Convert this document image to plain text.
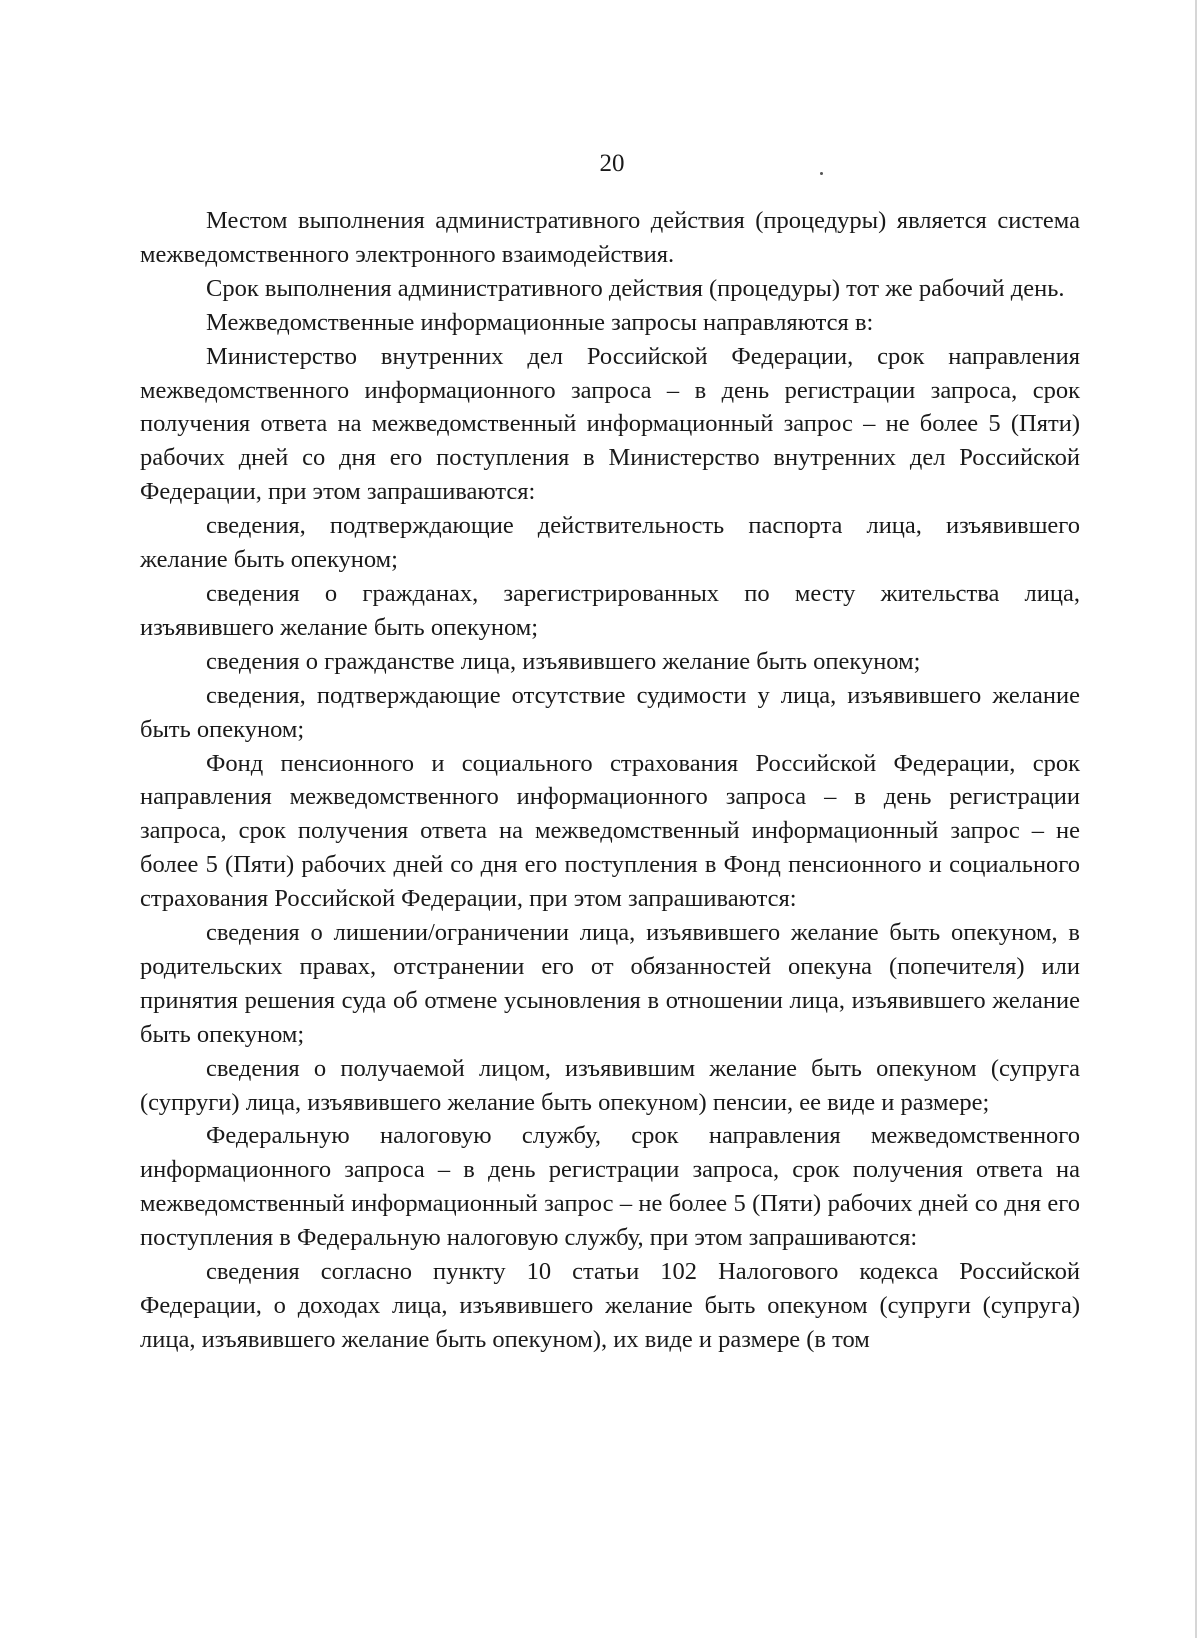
20

Местом выполнения административного действия (процедуры) является система межведомственного электронного взаимодействия.

Срок выполнения административного действия (процедуры) тот же рабочий день.

Межведомственные информационные запросы направляются в:

Министерство внутренних дел Российской Федерации, срок направления межведомственного информационного запроса – в день регистрации запроса, срок получения ответа на межведомственный информационный запрос – не более 5 (Пяти) рабочих дней со дня его поступления в Министерство внутренних дел Российской Федерации, при этом запрашиваются:

сведения, подтверждающие действительность паспорта лица, изъявившего желание быть опекуном;

сведения о гражданах, зарегистрированных по месту жительства лица, изъявившего желание быть опекуном;

сведения о гражданстве лица, изъявившего желание быть опекуном;

сведения, подтверждающие отсутствие судимости у лица, изъявившего желание быть опекуном;

Фонд пенсионного и социального страхования Российской Федерации, срок направления межведомственного информационного запроса – в день регистрации запроса, срок получения ответа на межведомственный информационный запрос – не более 5 (Пяти) рабочих дней со дня его поступления в Фонд пенсионного и социального страхования Российской Федерации, при этом запрашиваются:

сведения о лишении/ограничении лица, изъявившего желание быть опекуном, в родительских правах, отстранении его от обязанностей опекуна (попечителя) или принятия решения суда об отмене усыновления в отношении лица, изъявившего желание быть опекуном;

сведения о получаемой лицом, изъявившим желание быть опекуном (супруга (супруги) лица, изъявившего желание быть опекуном) пенсии, ее виде и размере;

Федеральную налоговую службу, срок направления межведомственного информационного запроса – в день регистрации запроса, срок получения ответа на межведомственный информационный запрос – не более 5 (Пяти) рабочих дней со дня его поступления в Федеральную налоговую службу, при этом запрашиваются:

сведения согласно пункту 10 статьи 102 Налогового кодекса Российской Федерации, о доходах лица, изъявившего желание быть опекуном (супруги (супруга) лица, изъявившего желание быть опекуном), их виде и размере (в том
